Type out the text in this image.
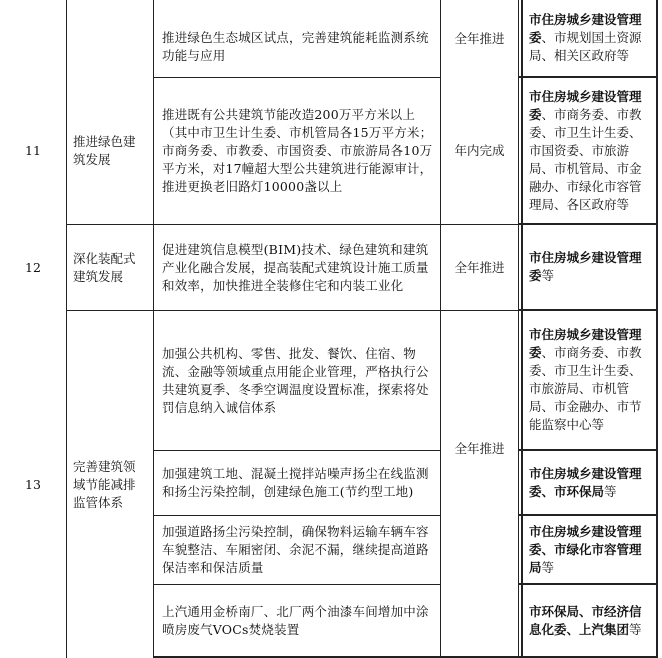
推进绿色生态城区试点，完善建筑能耗监测系统功能与应用
全年推进
市住房城乡建设管理委、市规划国土资源局、相关区政府等
11
推进绿色建筑发展
推进既有公共建筑节能改造200万平方米以上（其中市卫生计生委、市机管局各15万平方米；市商务委、市教委、市国资委、市旅游局各10万平方米，对17幢超大型公共建筑进行能源审计，推进更换老旧路灯10000盏以上
年内完成
市住房城乡建设管理委、市商务委、市教委、市卫生计生委、市国资委、市旅游局、市机管局、市金融办、市绿化市容管理局、各区政府等
12
深化装配式建筑发展
促进建筑信息模型(BIM)技术、绿色建筑和建筑产业化融合发展，提高装配式建筑设计施工质量和效率，加快推进全装修住宅和内装工业化
全年推进
市住房城乡建设管理委等
13
完善建筑领域节能减排监管体系
全年推进
加强公共机构、零售、批发、餐饮、住宿、物流、金融等领域重点用能企业管理，严格执行公共建筑夏季、冬季空调温度设置标准，探索将处罚信息纳入诚信体系
市住房城乡建设管理委、市商务委、市教委、市卫生计生委、市旅游局、市机管局、市金融办、市节能监察中心等
加强建筑工地、混凝土搅拌站噪声扬尘在线监测和扬尘污染控制，创建绿色施工(节约型工地)
市住房城乡建设管理委、市环保局等
加强道路扬尘污染控制，确保物料运输车辆车容车貌整洁、车厢密闭、余泥不漏，继续提高道路保洁率和保洁质量
市住房城乡建设管理委、市绿化市容管理局等
上汽通用金桥南厂、北厂两个油漆车间增加中涂喷房废气VOCs焚烧装置
市环保局、市经济信息化委、上汽集团等
